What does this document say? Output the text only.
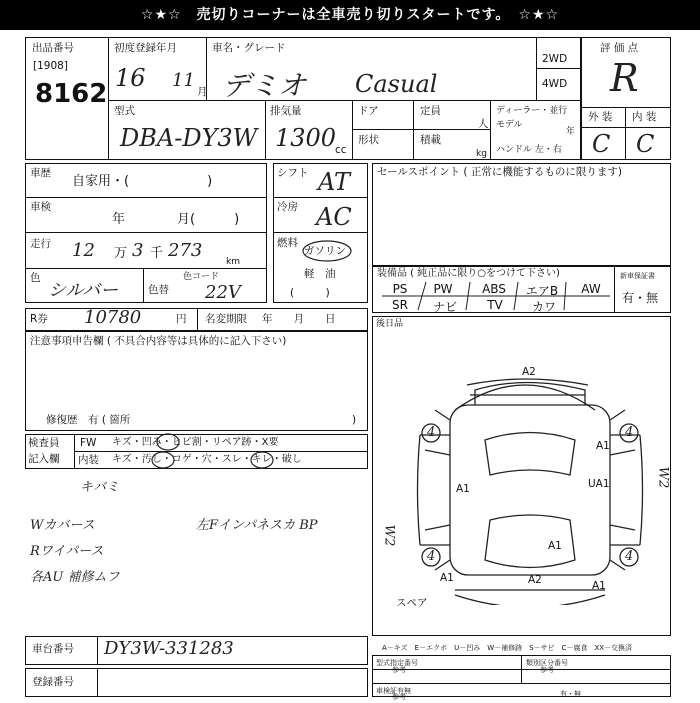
☆★☆　売切りコーナーは全車売り切りスタートです。　☆★☆
出品番号
[1908]
8162
初度登録年月
16 11
月
車名・グレード
デミオ Casual
2WD
4WD
評 価 点
R
型式
DBA-DY3W
排気量
1300
cc
ドア
形状
定員
人
積載
kg
ディーラー・並行
モデル
年
ハンドル 左・右
外 装 内 装
C C
車歴
自家用・(　　　　　　)
車検
年　　　　月(　　　)
走行 12 万 3 千 273
km
色
シルバー	色替
色コード
22V
シフト AT
冷房 AC
燃料
ガソリン
軽　油
(　　　)
セールスポイント ( 正常に機能するものに限ります)
装備品 ( 純正品に限り○をつけて下さい)	新車保証書
有・無
PS	PW	ABS	エアB	AW
SR	ナビ	TV	カワ
後日品
R券 10780	円 名変期限 年　　月　　日
注意事項申告欄 ( 不具合内容等は具体的に記入下さい)
修復歴　有 ( 箇所	)
検査員
記入欄
FW キズ・凹み・ヒビ割・リペア跡・X要
内装 キズ・汚し・コゲ・穴・スレ・キレ・破し
キバミ
Wカバース	左Fインパネスカ BP
Rワイパース
各AU 補修ムフ
W2
4	4
4	4
A2
A1	UA1
A1
A2
A1
A1
A1
W2
スペア
A－キズ　E－エクボ　U－凹み　W－補修跡　S－サビ　C－腐食　XX－交換済
車台番号 DY3W-331283
登録番号
型式指定番号
参考
類別区分番号
参考
車検証有無
参考	有・無
